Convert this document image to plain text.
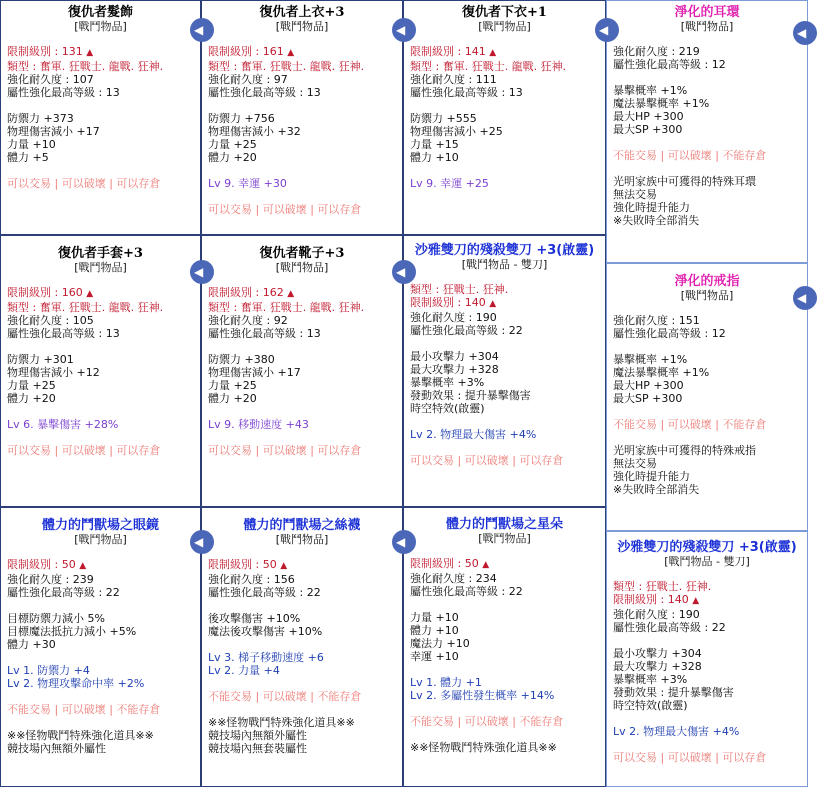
復仇者髮飾
[戰鬥物品]
限制級別 : 131 ▲
類型 : 奮軍. 狂戰士. 龍戰. 狂神.
強化耐久度 : 107
屬性強化最高等級 : 13
防禦力 +373
物理傷害減小 +17
力量 +10
體力 +5
可以交易 | 可以破壞 | 可以存倉
◀
復仇者上衣+3
[戰鬥物品]
限制級別 : 161 ▲
類型 : 奮軍. 狂戰士. 龍戰. 狂神.
強化耐久度 : 97
屬性強化最高等級 : 13
防禦力 +756
物理傷害減小 +32
力量 +25
體力 +20
Lv 9. 幸運 +30
可以交易 | 可以破壞 | 可以存倉
◀
復仇者下衣+1
[戰鬥物品]
限制級別 : 141 ▲
類型 : 奮軍. 狂戰士. 龍戰. 狂神.
強化耐久度 : 111
屬性強化最高等級 : 13
防禦力 +555
物理傷害減小 +25
力量 +15
體力 +10
Lv 9. 幸運 +25
◀	◀
淨化的耳環
[戰鬥物品]
強化耐久度 : 219
屬性強化最高等級 : 12
暴擊概率 +1%
魔法暴擊概率 +1%
最大HP +300
最大SP +300
不能交易 | 可以破壞 | 不能存倉
光明家族中可獲得的特殊耳環
無法交易
強化時提升能力
※失敗時全部消失
復仇者手套+3
[戰鬥物品]
限制級別 : 160 ▲
類型 : 奮軍. 狂戰士. 龍戰. 狂神.
強化耐久度 : 105
屬性強化最高等級 : 13
防禦力 +301
物理傷害減小 +12
力量 +25
體力 +20
Lv 6. 暴擊傷害 +28%
可以交易 | 可以破壞 | 可以存倉
◀
復仇者靴子+3
[戰鬥物品]
限制級別 : 162 ▲
類型 : 奮軍. 狂戰士. 龍戰. 狂神.
強化耐久度 : 92
屬性強化最高等級 : 13
防禦力 +380
物理傷害減小 +17
力量 +25
體力 +20
Lv 9. 移動速度 +43
可以交易 | 可以破壞 | 可以存倉
◀
沙雅雙刀的殘殺雙刀 +3(啟靈)
[戰鬥物品 - 雙刀]
類型 : 狂戰士. 狂神.
限制級別 : 140 ▲
強化耐久度 : 190
屬性強化最高等級 : 22
最小攻擊力 +304
最大攻擊力 +328
暴擊概率 +3%
發動效果 : 提升暴擊傷害
時空特效(啟靈)
Lv 2. 物理最大傷害 +4%
可以交易 | 可以破壞 | 可以存倉
◀
淨化的戒指
[戰鬥物品]
強化耐久度 : 151
屬性強化最高等級 : 12
暴擊概率 +1%
魔法暴擊概率 +1%
最大HP +300
最大SP +300
不能交易 | 可以破壞 | 不能存倉
光明家族中可獲得的特殊戒指
無法交易
強化時提升能力
※失敗時全部消失
體力的鬥獸場之眼鏡
[戰鬥物品]
限制級別 : 50 ▲
強化耐久度 : 239
屬性強化最高等級 : 22
目標防禦力減小 5%
目標魔法抵抗力減小 +5%
體力 +30
Lv 1. 防禦力 +4
Lv 2. 物理攻擊命中率 +2%
不能交易 | 可以破壞 | 不能存倉
※※怪物戰鬥特殊強化道具※※
競技場內無額外屬性
◀
體力的鬥獸場之絲襪
[戰鬥物品]
限制級別 : 50 ▲
強化耐久度 : 156
屬性強化最高等級 : 22
後攻擊傷害 +10%
魔法後攻擊傷害 +10%
Lv 3. 梯子移動速度 +6
Lv 2. 力量 +4
不能交易 | 可以破壞 | 不能存倉
※※怪物戰鬥特殊強化道具※※
競技場內無額外屬性
競技場內無套裝屬性
◀
體力的鬥獸場之星朵
[戰鬥物品]
限制級別 : 50 ▲
強化耐久度 : 234
屬性強化最高等級 : 22
力量 +10
體力 +10
魔法力 +10
幸運 +10
Lv 1. 體力 +1
Lv 2. 多屬性發生概率 +14%
不能交易 | 可以破壞 | 不能存倉
※※怪物戰鬥特殊強化道具※※
沙雅雙刀的殘殺雙刀 +3(啟靈)
[戰鬥物品 - 雙刀]
類型 : 狂戰士. 狂神.
限制級別 : 140 ▲
強化耐久度 : 190
屬性強化最高等級 : 22
最小攻擊力 +304
最大攻擊力 +328
暴擊概率 +3%
發動效果 : 提升暴擊傷害
時空特效(啟靈)
Lv 2. 物理最大傷害 +4%
可以交易 | 可以破壞 | 可以存倉
